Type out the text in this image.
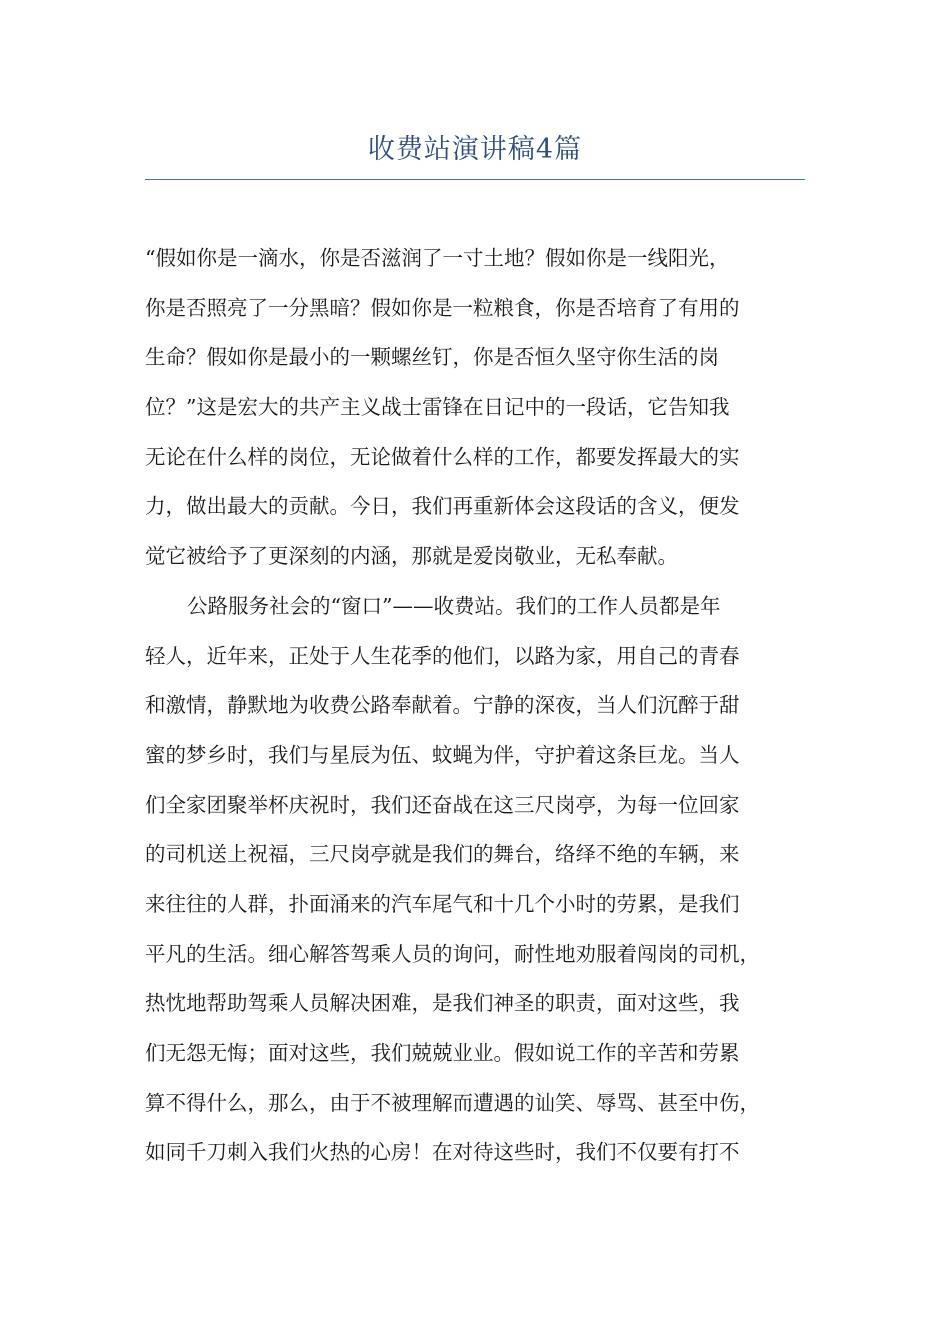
收费站演讲稿4篇
“假如你是一滴水，你是否滋润了一寸土地？假如你是一线阳光，
你是否照亮了一分黑暗？假如你是一粒粮食，你是否培育了有用的
生命？假如你是最小的一颗螺丝钉，你是否恒久坚守你生活的岗
位？”这是宏大的共产主义战士雷锋在日记中的一段话，它告知我
无论在什么样的岗位，无论做着什么样的工作，都要发挥最大的实
力，做出最大的贡献。今日，我们再重新体会这段话的含义，便发
觉它被给予了更深刻的内涵，那就是爱岗敬业，无私奉献。
公路服务社会的“窗口”——收费站。我们的工作人员都是年
轻人，近年来，正处于人生花季的他们，以路为家，用自己的青春
和激情，静默地为收费公路奉献着。宁静的深夜，当人们沉醉于甜
蜜的梦乡时，我们与星辰为伍、蚊蝇为伴，守护着这条巨龙。当人
们全家团聚举杯庆祝时，我们还奋战在这三尺岗亭，为每一位回家
的司机送上祝福，三尺岗亭就是我们的舞台，络绎不绝的车辆，来
来往往的人群，扑面涌来的汽车尾气和十几个小时的劳累，是我们
平凡的生活。细心解答驾乘人员的询问，耐性地劝服着闯岗的司机，
热忱地帮助驾乘人员解决困难，是我们神圣的职责，面对这些，我
们无怨无悔；面对这些，我们兢兢业业。假如说工作的辛苦和劳累
算不得什么，那么，由于不被理解而遭遇的讪笑、辱骂、甚至中伤，
如同千刀刺入我们火热的心房！在对待这些时，我们不仅要有打不
